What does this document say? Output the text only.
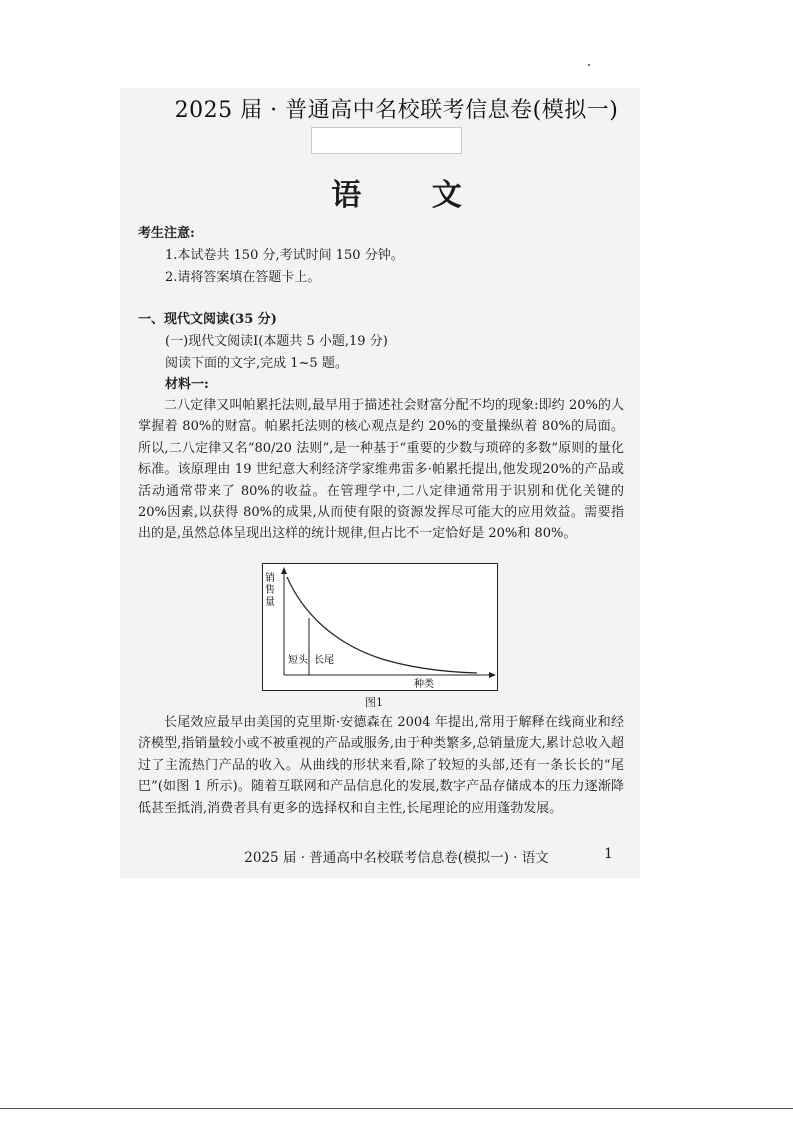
2025 届 · 普通高中名校联考信息卷(模拟一)
语 文
考生注意:
1.本试卷共 150 分,考试时间 150 分钟。
2.请将答案填在答题卡上。
一、现代文阅读(35 分)
(一)现代文阅读Ⅰ(本题共 5 小题,19 分)
阅读下面的文字,完成 1~5 题。
材料一:
二八定律又叫帕累托法则,最早用于描述社会财富分配不均的现象:即约 20%的人掌握着 80%的财富。帕累托法则的核心观点是约 20%的变量操纵着 80%的局面。所以,二八定律又名“80/20 法则”,是一种基于“重要的少数与琐碎的多数”原则的量化标准。该原理由 19 世纪意大利经济学家维弗雷多·帕累托提出,他发现20%的产品或活动通常带来了 80%的收益。在管理学中,二八定律通常用于识别和优化关键的 20%因素,以获得 80%的成果,从而使有限的资源发挥尽可能大的应用效益。需要指出的是,虽然总体呈现出这样的统计规律,但占比不一定恰好是 20%和 80%。
销
售
量
短头 长尾
种类
图1
长尾效应最早由美国的克里斯·安德森在 2004 年提出,常用于解释在线商业和经济模型,指销量较小或不被重视的产品或服务,由于种类繁多,总销量庞大,累计总收入超过了主流热门产品的收入。从曲线的形状来看,除了较短的头部,还有一条长长的“尾巴”(如图 1 所示)。随着互联网和产品信息化的发展,数字产品存储成本的压力逐渐降低甚至抵消,消费者具有更多的选择权和自主性,长尾理论的应用蓬勃发展。
2025 届 · 普通高中名校联考信息卷(模拟一) · 语文	1
